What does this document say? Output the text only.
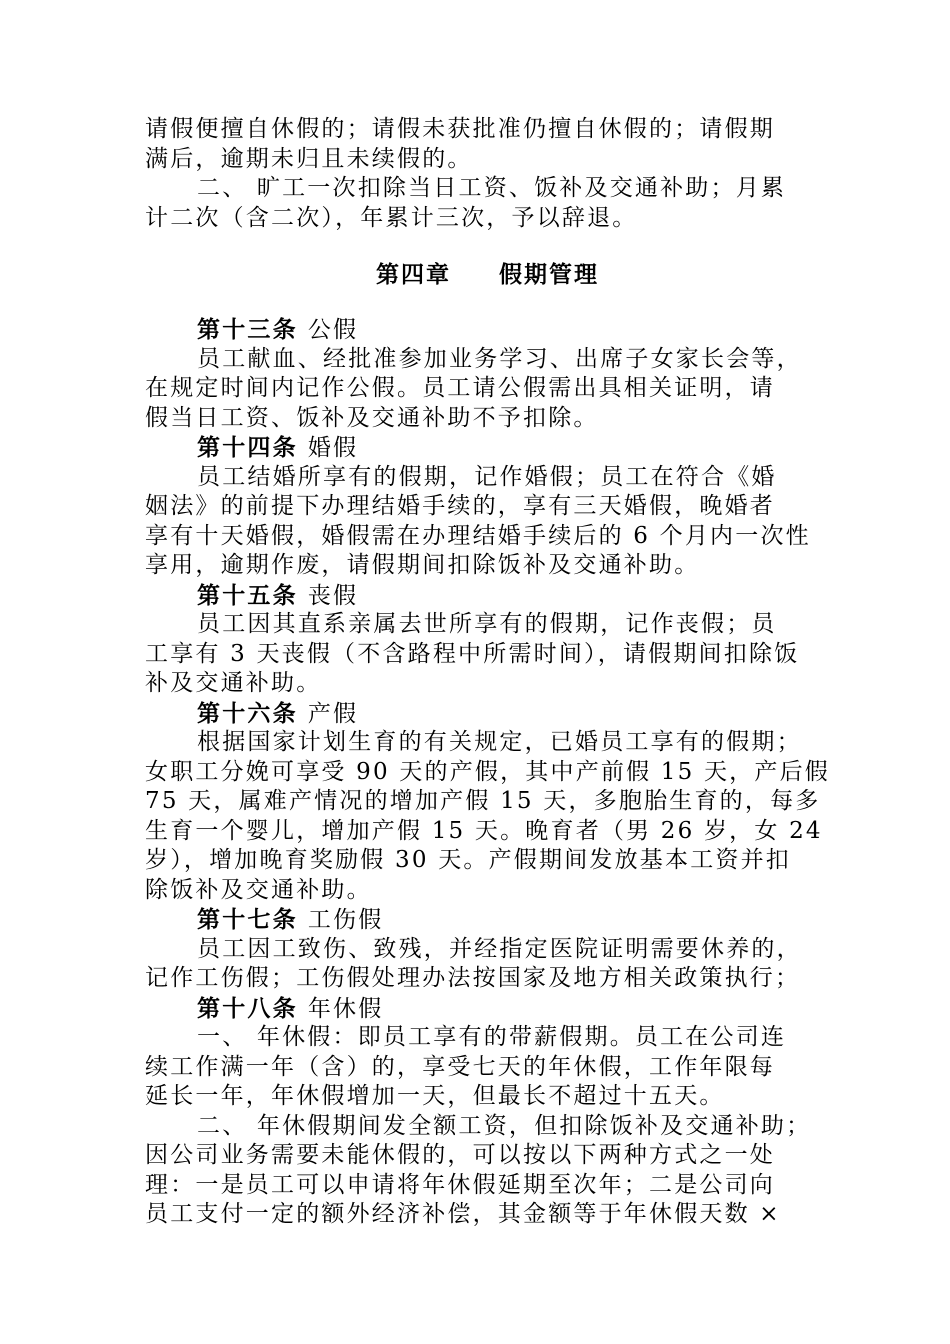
请假便擅自休假的；请假未获批准仍擅自休假的；请假期
满后，逾期未归且未续假的。
二、 旷工一次扣除当日工资、饭补及交通补助；月累
计二次（含二次），年累计三次，予以辞退。
第四章 假期管理
第十三条 公假
员工献血、经批准参加业务学习、出席子女家长会等，
在规定时间内记作公假。员工请公假需出具相关证明，请
假当日工资、饭补及交通补助不予扣除。
第十四条 婚假
员工结婚所享有的假期，记作婚假；员工在符合《婚
姻法》的前提下办理结婚手续的，享有三天婚假，晚婚者
享有十天婚假，婚假需在办理结婚手续后的 6 个月内一次性
享用，逾期作废，请假期间扣除饭补及交通补助。
第十五条 丧假
员工因其直系亲属去世所享有的假期，记作丧假；员
工享有 3 天丧假（不含路程中所需时间），请假期间扣除饭
补及交通补助。
第十六条 产假
根据国家计划生育的有关规定，已婚员工享有的假期；
女职工分娩可享受 90 天的产假，其中产前假 15 天，产后假
75 天，属难产情况的增加产假 15 天，多胞胎生育的，每多
生育一个婴儿，增加产假 15 天。晚育者（男 26 岁，女 24
岁），增加晚育奖励假 30 天。产假期间发放基本工资并扣
除饭补及交通补助。
第十七条 工伤假
员工因工致伤、致残，并经指定医院证明需要休养的，
记作工伤假；工伤假处理办法按国家及地方相关政策执行；
第十八条 年休假
一、 年休假：即员工享有的带薪假期。员工在公司连
续工作满一年（含）的，享受七天的年休假，工作年限每
延长一年，年休假增加一天，但最长不超过十五天。
二、 年休假期间发全额工资，但扣除饭补及交通补助；
因公司业务需要未能休假的，可以按以下两种方式之一处
理：一是员工可以申请将年休假延期至次年；二是公司向
员工支付一定的额外经济补偿，其金额等于年休假天数 ×
